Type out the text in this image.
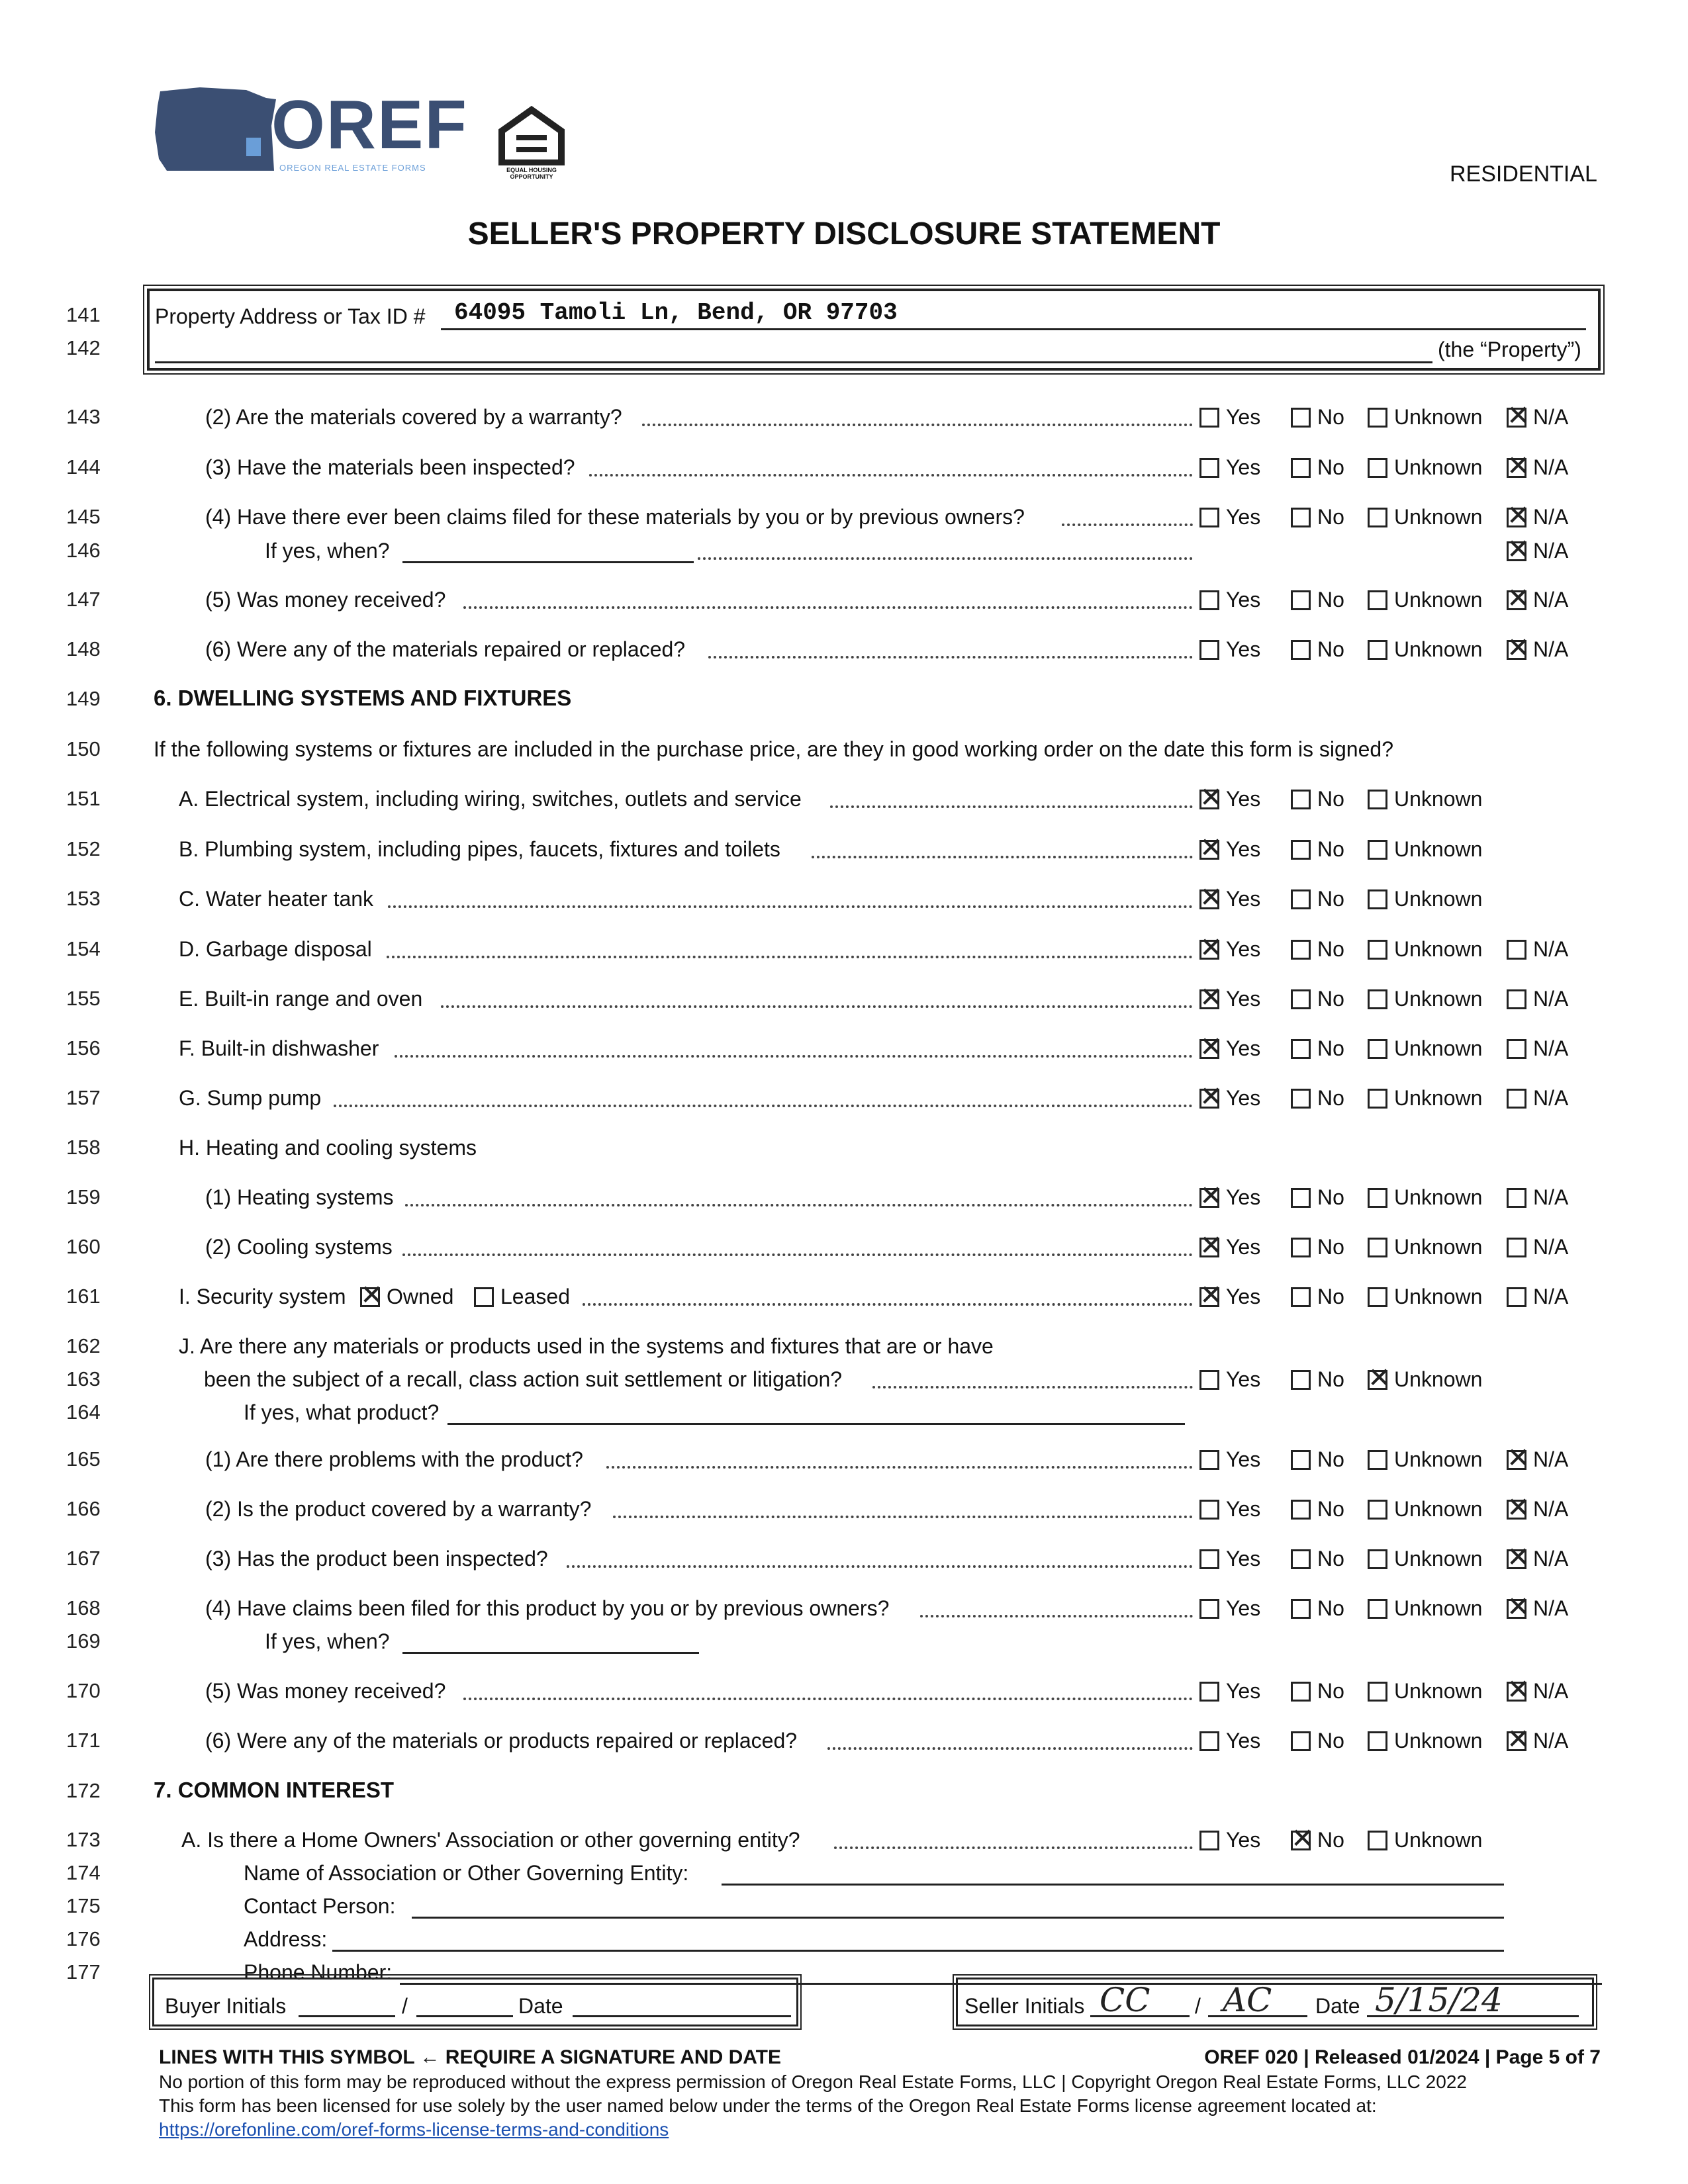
OREF
OREGON REAL ESTATE FORMS	EQUAL HOUSING OPPORTUNITY	RESIDENTIAL
SELLER'S PROPERTY DISCLOSURE STATEMENT
141
142
Property Address or Tax ID # 64095 Tamoli Ln, Bend, OR 97703
(the “Property”)
143	(2) Are the materials covered by a warranty?	Yes	No Unknown ✕ N/A
144	(3) Have the materials been inspected?	Yes	No Unknown ✕ N/A
145	(4) Have there ever been claims filed for these materials by you or by previous owners?	Yes	No Unknown ✕ N/A
146	If yes, when? ✕	N/A
147	(5) Was money received?	Yes	No Unknown ✕ N/A
148	(6) Were any of the materials repaired or replaced?	Yes	No Unknown ✕ N/A
149 6. DWELLING SYSTEMS AND FIXTURES
150	If the following systems or fixtures are included in the purchase price, are they in good working order on the date this form is signed?
151	A. Electrical system, including wiring, switches, outlets and service ✕	Yes	No Unknown
152	B. Plumbing system, including pipes, faucets, fixtures and toilets ✕	Yes	No Unknown
153	C. Water heater tank ✕	Yes	No Unknown
154	D. Garbage disposal ✕	Yes	No Unknown N/A
155	E. Built-in range and oven ✕	Yes	No Unknown N/A
156	F. Built-in dishwasher ✕	Yes	No Unknown N/A
157	G. Sump pump ✕	Yes	No Unknown N/A
158	H. Heating and cooling systems
159	(1) Heating systems ✕	Yes	No Unknown N/A
160	(2) Cooling systems ✕	Yes	No Unknown N/A
161	I. Security system ✕ Owned Leased ✕	Yes	No Unknown N/A
162	J. Are there any materials or products used in the systems and fixtures that are or have
163	been the subject of a recall, class action suit settlement or litigation?	Yes	No ✕ Unknown
164	If yes, what product?
165	(1) Are there problems with the product?	Yes	No Unknown ✕ N/A
166	(2) Is the product covered by a warranty?	Yes	No Unknown ✕ N/A
167	(3) Has the product been inspected?	Yes	No Unknown ✕ N/A
168	(4) Have claims been filed for this product by you or by previous owners?	Yes	No Unknown ✕ N/A
169	If yes, when?
170	(5) Was money received?	Yes	No Unknown ✕ N/A
171	(6) Were any of the materials or products repaired or replaced?	Yes	No Unknown ✕ N/A
172 7. COMMON INTEREST
173	A. Is there a Home Owners' Association or other governing entity?	Yes ✕	No Unknown
174	Name of Association or Other Governing Entity:
175	Contact Person:
176	Address:
177	Phone Number:
Buyer Initials	/	Date	Seller Initials CC / AC Date 5/15/24
LINES WITH THIS SYMBOL ← REQUIRE A SIGNATURE AND DATE	OREF 020 | Released 01/2024 | Page 5 of 7
No portion of this form may be reproduced without the express permission of Oregon Real Estate Forms, LLC | Copyright Oregon Real Estate Forms, LLC 2022
This form has been licensed for use solely by the user named below under the terms of the Oregon Real Estate Forms license agreement located at:
https://orefonline.com/oref-forms-license-terms-and-conditions
